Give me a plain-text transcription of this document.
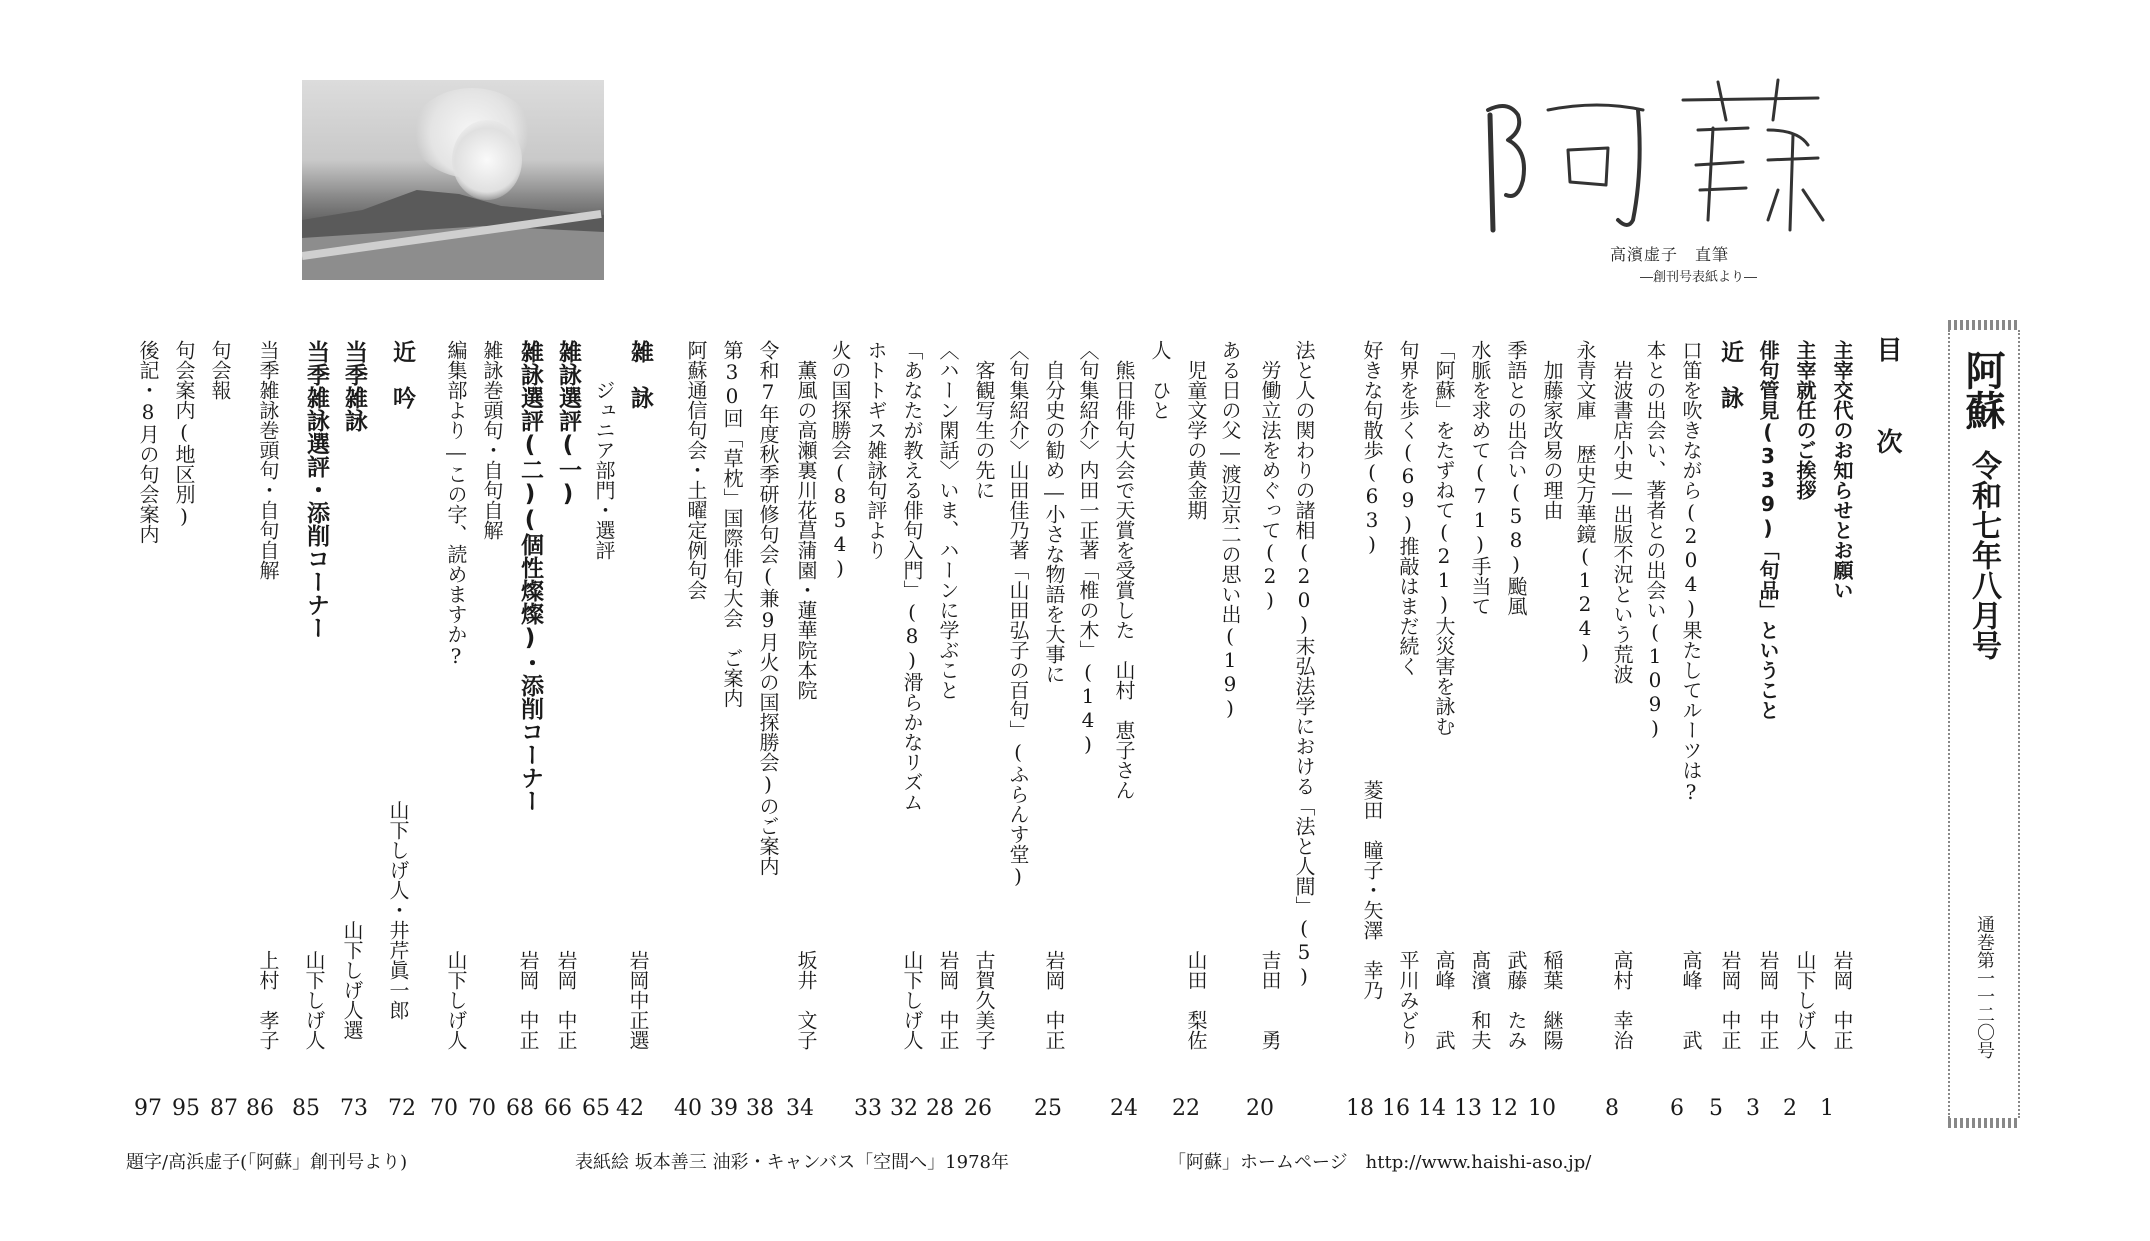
高濱虚子　直筆
―創刊号表紙より―
阿蘇
令和七年八月号
通巻第一一二〇号
目　次
主宰交代のお知らせとお願い
岩岡　中正
主宰就任のご挨拶
山下しげ人
俳句管見(339)「句品」ということ
岩岡　中正
近　詠
岩岡　中正
口笛を吹きながら(204)果たしてルーツは?
高峰　　武
本との出会い、著者との出会い(109)
岩波書店小史―出版不況という荒波
高村　幸治
永青文庫 歴史万華鏡(124)
加藤家改易の理由
稲葉　継陽
季語との出合い(58)颱風
武藤　たみ
水脈を求めて(71)手当て
髙濱　和夫
「阿蘇」をたずねて(21)大災害を詠む
高峰　　武
句界を歩く(69)推敲はまだ続く
平川みどり
好きな句散歩(63)
菱田　瞳子・矢澤　幸乃
法と人の関わりの諸相(20)末弘法学における「法と人間」(5)
労働立法をめぐって(2)
吉田　　勇
ある日の父―渡辺京二の思い出(19)
児童文学の黄金期
山田　梨佐
人　ひと
熊日俳句大会で天賞を受賞した　山村　恵子さん
〈句集紹介〉内田一正著「椎の木」(14)
自分史の勧め―小さな物語を大事に
岩岡　中正
〈句集紹介〉山田佳乃著「山田弘子の百句」(ふらんす堂)
客観写生の先に
古賀久美子
〈ハーン閑話〉いま、ハーンに学ぶこと
岩岡　中正
「あなたが教える俳句入門」(8)滑らかなリズム
山下しげ人
ホトトギス雑詠句評より
火の国探勝会(854)
薫風の高瀬裏川花菖蒲園・蓮華院本院
坂井　文子
令和7年度秋季研修句会(兼9月火の国探勝会)のご案内
第30回「草枕」国際俳句大会　ご案内
阿蘇通信句会・土曜定例句会
雑　詠
ジュニア部門・選評
岩岡中正選
雑詠選評(一)
岩岡　中正
雑詠選評(二)(個性燦燦)・添削コーナー
岩岡　中正
雑詠巻頭句・自句自解
編集部より―この字、読めますか?
山下しげ人
近　吟
山下しげ人・井芹眞一郎
当季雑詠
山下しげ人選
当季雑詠選評・添削コーナー
山下しげ人
当季雑詠巻頭句・自句自解
上村　孝子
句会報
句会案内(地区別)
後記・8月の句会案内
1
2
3
5
6
8
10
12
13
14
16
18
20
22
24
25
26
28
32
33
34
38
39
40
42
65
66
68
70
70
72
73
85
86
87
95
97
題字/高浜虚子(「阿蘇」創刊号より)	表紙絵 坂本善三 油彩・キャンバス「空間へ」1978年	「阿蘇」ホームページ　http://www.haishi-aso.jp/
